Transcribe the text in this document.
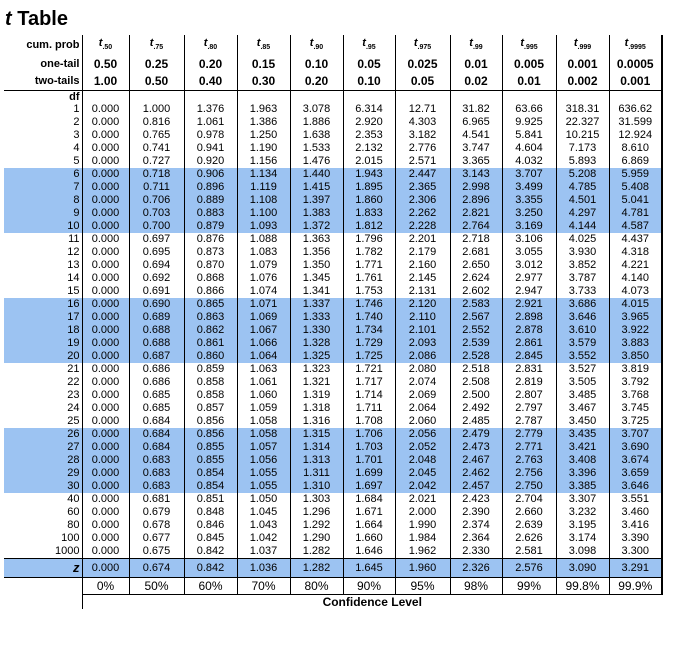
t Table
cum. prob	$t_{.50}$	$t_{.75}$	$t_{.80}$	$t_{.85}$	$t_{.90}$	$t_{.95}$	$t_{.975}$	$t_{.99}$	$t_{.995}$	$t_{.999}$	$t_{.9995}$
one-tail	0.50	0.25	0.20	0.15	0.10	0.05	0.025	0.01	0.005	0.001	0.0005
two-tails	1.00	0.50	0.40	0.30	0.20	0.10	0.05	0.02	0.01	0.002	0.001
df											
1	0.000	1.000	1.376	1.963	3.078	6.314	12.71	31.82	63.66	318.31	636.62
2	0.000	0.816	1.061	1.386	1.886	2.920	4.303	6.965	9.925	22.327	31.599
3	0.000	0.765	0.978	1.250	1.638	2.353	3.182	4.541	5.841	10.215	12.924
4	0.000	0.741	0.941	1.190	1.533	2.132	2.776	3.747	4.604	7.173	8.610
5	0.000	0.727	0.920	1.156	1.476	2.015	2.571	3.365	4.032	5.893	6.869
6	0.000	0.718	0.906	1.134	1.440	1.943	2.447	3.143	3.707	5.208	5.959
7	0.000	0.711	0.896	1.119	1.415	1.895	2.365	2.998	3.499	4.785	5.408
8	0.000	0.706	0.889	1.108	1.397	1.860	2.306	2.896	3.355	4.501	5.041
9	0.000	0.703	0.883	1.100	1.383	1.833	2.262	2.821	3.250	4.297	4.781
10	0.000	0.700	0.879	1.093	1.372	1.812	2.228	2.764	3.169	4.144	4.587
11	0.000	0.697	0.876	1.088	1.363	1.796	2.201	2.718	3.106	4.025	4.437
12	0.000	0.695	0.873	1.083	1.356	1.782	2.179	2.681	3.055	3.930	4.318
13	0.000	0.694	0.870	1.079	1.350	1.771	2.160	2.650	3.012	3.852	4.221
14	0.000	0.692	0.868	1.076	1.345	1.761	2.145	2.624	2.977	3.787	4.140
15	0.000	0.691	0.866	1.074	1.341	1.753	2.131	2.602	2.947	3.733	4.073
16	0.000	0.690	0.865	1.071	1.337	1.746	2.120	2.583	2.921	3.686	4.015
17	0.000	0.689	0.863	1.069	1.333	1.740	2.110	2.567	2.898	3.646	3.965
18	0.000	0.688	0.862	1.067	1.330	1.734	2.101	2.552	2.878	3.610	3.922
19	0.000	0.688	0.861	1.066	1.328	1.729	2.093	2.539	2.861	3.579	3.883
20	0.000	0.687	0.860	1.064	1.325	1.725	2.086	2.528	2.845	3.552	3.850
21	0.000	0.686	0.859	1.063	1.323	1.721	2.080	2.518	2.831	3.527	3.819
22	0.000	0.686	0.858	1.061	1.321	1.717	2.074	2.508	2.819	3.505	3.792
23	0.000	0.685	0.858	1.060	1.319	1.714	2.069	2.500	2.807	3.485	3.768
24	0.000	0.685	0.857	1.059	1.318	1.711	2.064	2.492	2.797	3.467	3.745
25	0.000	0.684	0.856	1.058	1.316	1.708	2.060	2.485	2.787	3.450	3.725
26	0.000	0.684	0.856	1.058	1.315	1.706	2.056	2.479	2.779	3.435	3.707
27	0.000	0.684	0.855	1.057	1.314	1.703	2.052	2.473	2.771	3.421	3.690
28	0.000	0.683	0.855	1.056	1.313	1.701	2.048	2.467	2.763	3.408	3.674
29	0.000	0.683	0.854	1.055	1.311	1.699	2.045	2.462	2.756	3.396	3.659
30	0.000	0.683	0.854	1.055	1.310	1.697	2.042	2.457	2.750	3.385	3.646
40	0.000	0.681	0.851	1.050	1.303	1.684	2.021	2.423	2.704	3.307	3.551
60	0.000	0.679	0.848	1.045	1.296	1.671	2.000	2.390	2.660	3.232	3.460
80	0.000	0.678	0.846	1.043	1.292	1.664	1.990	2.374	2.639	3.195	3.416
100	0.000	0.677	0.845	1.042	1.290	1.660	1.984	2.364	2.626	3.174	3.390
1000	0.000	0.675	0.842	1.037	1.282	1.646	1.962	2.330	2.581	3.098	3.300
z	0.000	0.674	0.842	1.036	1.282	1.645	1.960	2.326	2.576	3.090	3.291
	0%	50%	60%	70%	80%	90%	95%	98%	99%	99.8%	99.9%
	Confidence Level										
